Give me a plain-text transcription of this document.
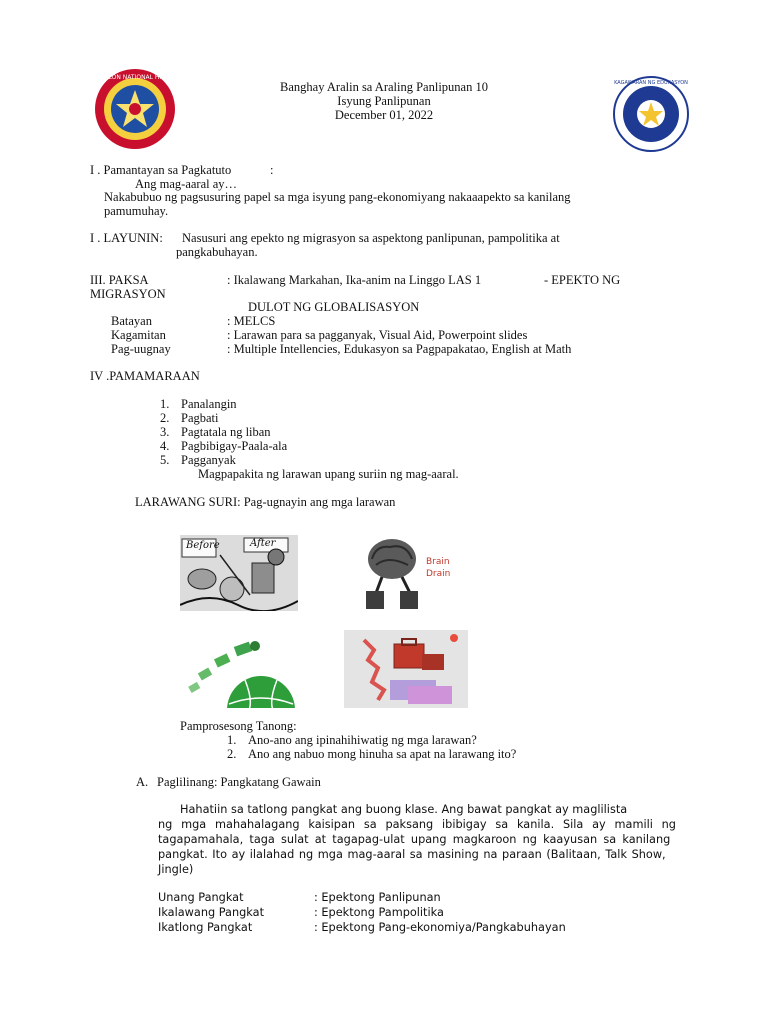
COLON NATIONAL HIGH
Banghay Aralin sa Araling Panlipunan 10
Isyung Panlipunan
December 01, 2022
KAGAWARAN NG EDUKASYON
I . Pamantayan sa Pagkatuto	:
Ang mag-aaral ay…
Nakabubuo ng pagsusuring papel sa mga isyung pang-ekonomiyang nakaaapekto sa kanilang
pamumuhay.
I . LAYUNIN: Nasusuri ang epekto ng migrasyon sa aspektong panlipunan, pampolitika at
pangkabuhayan.
III. PAKSA	: Ikalawang Markahan, Ika-anim na Linggo LAS 1	- EPEKTO NG
MIGRASYON
DULOT NG GLOBALISASYON
Batayan	: MELCS
Kagamitan	: Larawan para sa pagganyak, Visual Aid, Powerpoint slides
Pag-uugnay	: Multiple Intellencies, Edukasyon sa Pagpapakatao, English at Math
IV .PAMAMARAAN
1. Panalangin
2. Pagbati
3. Pagtatala ng liban
4. Pagbibigay-Paala-ala
5. Pagganyak
Magpapakita ng larawan upang suriin ng mag-aaral.
LARAWANG SURI: Pag-ugnayin ang mga larawan
Before	After
Brain
Drain
Pamprosesong Tanong:
1. Ano-ano ang ipinahihiwatig ng mga larawan?
2. Ano ang nabuo mong hinuha sa apat na larawang ito?
A. Paglilinang: Pangkatang Gawain
Hahatiin sa tatlong pangkat ang buong klase. Ang bawat pangkat ay maglilista
ng mga mahahalagang kaisipan sa paksang ibibigay sa kanila. Sila ay mamili ng
tagapamahala, taga sulat at tagapag-ulat upang magkaroon ng kaayusan sa kanilang
pangkat. Ito ay ilalahad ng mga mag-aaral sa masining na paraan (Balitaan, Talk Show,
Jingle)
Unang Pangkat	: Epektong Panlipunan
Ikalawang Pangkat	: Epektong Pampolitika
Ikatlong Pangkat	: Epektong Pang-ekonomiya/Pangkabuhayan
